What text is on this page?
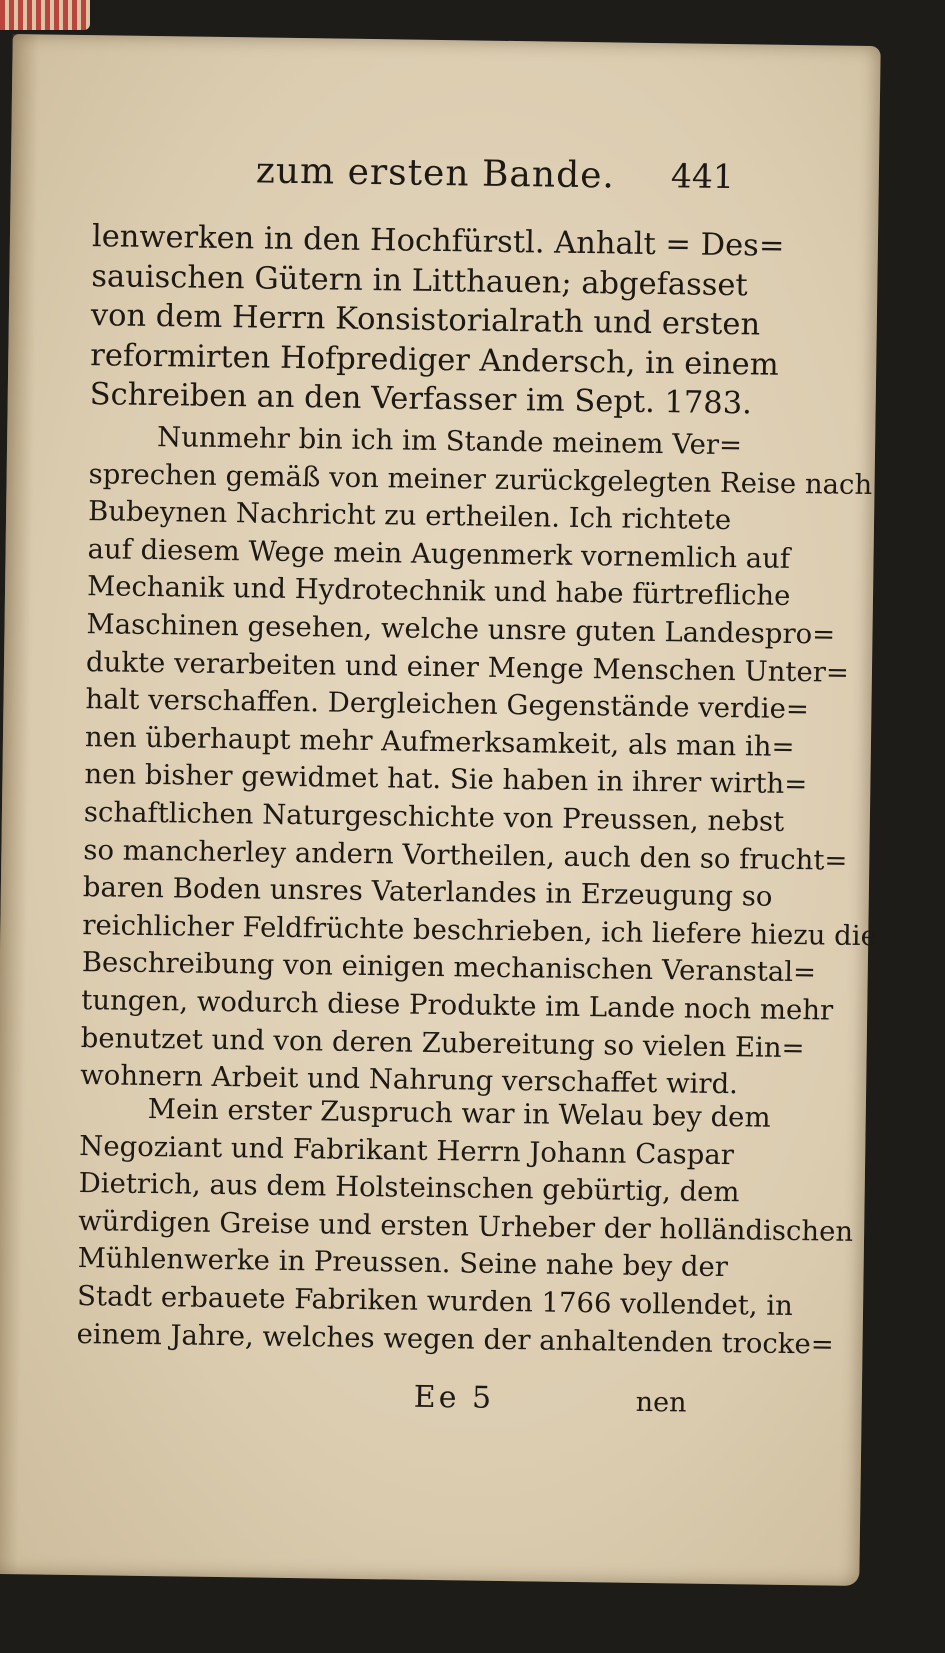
zum ersten Bande. 441
lenwerken in den Hochfürstl. Anhalt = Des=
sauischen Gütern in Litthauen; abgefasset
von dem Herrn Konsistorialrath und ersten
reformirten Hofprediger Andersch, in einem
Schreiben an den Verfasser im Sept. 1783.
Nunmehr bin ich im Stande meinem Ver=
sprechen gemäß von meiner zurückgelegten Reise nach
Bubeynen Nachricht zu ertheilen. Ich richtete
auf diesem Wege mein Augenmerk vornemlich auf
Mechanik und Hydrotechnik und habe fürtrefliche
Maschinen gesehen, welche unsre guten Landespro=
dukte verarbeiten und einer Menge Menschen Unter=
halt verschaffen. Dergleichen Gegenstände verdie=
nen überhaupt mehr Aufmerksamkeit, als man ih=
nen bisher gewidmet hat. Sie haben in ihrer wirth=
schaftlichen Naturgeschichte von Preussen, nebst
so mancherley andern Vortheilen, auch den so frucht=
baren Boden unsres Vaterlandes in Erzeugung so
reichlicher Feldfrüchte beschrieben, ich liefere hiezu die
Beschreibung von einigen mechanischen Veranstal=
tungen, wodurch diese Produkte im Lande noch mehr
benutzet und von deren Zubereitung so vielen Ein=
wohnern Arbeit und Nahrung verschaffet wird.
Mein erster Zuspruch war in Welau bey dem
Negoziant und Fabrikant Herrn Johann Caspar
Dietrich, aus dem Holsteinschen gebürtig, dem
würdigen Greise und ersten Urheber der holländischen
Mühlenwerke in Preussen. Seine nahe bey der
Stadt erbauete Fabriken wurden 1766 vollendet, in
einem Jahre, welches wegen der anhaltenden trocke=
Ee 5	nen
